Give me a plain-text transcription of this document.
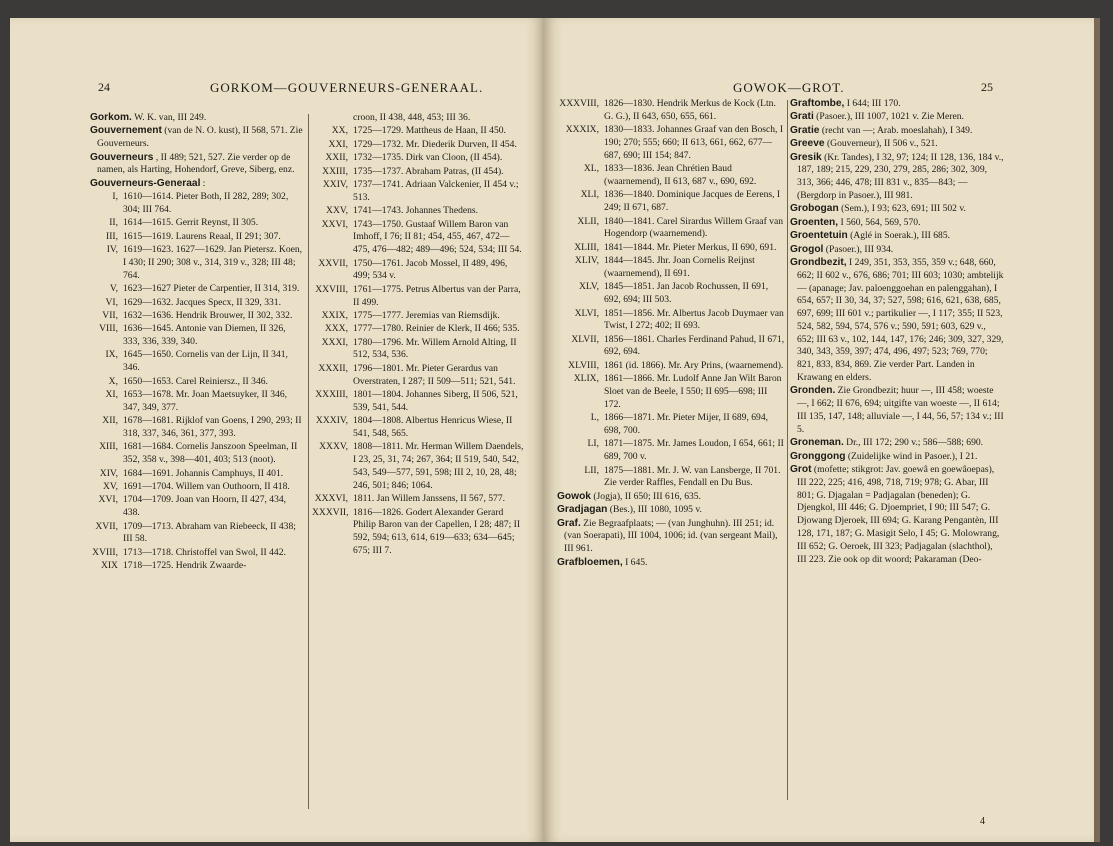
24	GORKOM—GOUVERNEURS-GENERAAL.

Gorkom. W. K. van, III 249.

Gouvernement (van de N. O. kust), II 568, 571. Zie Gouverneurs.

Gouverneurs , II 489; 521, 527. Zie verder op de namen, als Harting, Hohendorf, Greve, Siberg, enz.

Gouverneurs-Generaal :

I, 1610—1614. Pieter Both, II 282, 289; 302, 304; III 764.

II, 1614—1615. Gerrit Reynst, II 305.

III, 1615—1619. Laurens Reaal, II 291; 307.

IV, 1619—1623. 1627—1629. Jan Pietersz. Koen, I 430; II 290; 308 v., 314, 319 v., 328; III 48; 764.

V, 1623—1627 Pieter de Carpentier, II 314, 319.

VI, 1629—1632. Jacques Specx, II 329, 331.

VII, 1632—1636. Hendrik Brouwer, II 302, 332.

VIII, 1636—1645. Antonie van Diemen, II 326, 333, 336, 339, 340.

IX, 1645—1650. Cornelis van der Lijn, II 341, 346.

X, 1650—1653. Carel Reiniersz., II 346.

XI, 1653—1678. Mr. Joan Maetsuyker, II 346, 347, 349, 377.

XII, 1678—1681. Rijklof van Goens, I 290, 293; II 318, 337, 346, 361, 377, 393.

XIII, 1681—1684. Cornelis Janszoon Speelman, II 352, 358 v., 398—401, 403; 513 (noot).

XIV, 1684—1691. Johannis Camphuys, II 401.

XV, 1691—1704. Willem van Outhoorn, II 418.

XVI, 1704—1709. Joan van Hoorn, II 427, 434, 438.

XVII, 1709—1713. Abraham van Riebeeck, II 438; III 58.

XVIII, 1713—1718. Christoffel van Swol, II 442.

XIX 1718—1725. Hendrik Zwaarde-

croon, II 438, 448, 453; III 36.

XX, 1725—1729. Mattheus de Haan, II 450.

XXI, 1729—1732. Mr. Diederik Durven, II 454.

XXII, 1732—1735. Dirk van Cloon, (II 454).

XXIII, 1735—1737. Abraham Patras, (II 454).

XXIV, 1737—1741. Adriaan Valckenier, II 454 v.; 513.

XXV, 1741—1743. Johannes Thedens.

XXVI, 1743—1750. Gustaaf Willem Baron van Imhoff, I 76; II 81; 454, 455, 467, 472—475, 476—482; 489—496; 524, 534; III 54.

XXVII, 1750—1761. Jacob Mossel, II 489, 496, 499; 534 v.

XXVIII, 1761—1775. Petrus Albertus van der Parra, II 499.

XXIX, 1775—1777. Jeremias van Riemsdijk.

XXX, 1777—1780. Reinier de Klerk, II 466; 535.

XXXI, 1780—1796. Mr. Willem Arnold Alting, II 512, 534, 536.

XXXII, 1796—1801. Mr. Pieter Gerardus van Overstraten, I 287; II 509—511; 521, 541.

XXXIII, 1801—1804. Johannes Siberg, II 506, 521, 539, 541, 544.

XXXIV, 1804—1808. Albertus Henricus Wiese, II 541, 548, 565.

XXXV, 1808—1811. Mr. Herman Willem Daendels, I 23, 25, 31, 74; 267, 364; II 519, 540, 542, 543, 549—577, 591, 598; III 2, 10, 28, 48; 246, 501; 846; 1064.

XXXVI, 1811. Jan Willem Janssens, II 567, 577.

XXXVII, 1816—1826. Godert Alexander Gerard Philip Baron van der Capellen, I 28; 487; II 592, 594; 613, 614, 619—633; 634—645; 675; III 7.

GOWOK—GROT.	25

XXXVIII, 1826—1830. Hendrik Merkus de Kock (Ltn. G. G.), II 643, 650, 655, 661.

XXXIX, 1830—1833. Johannes Graaf van den Bosch, I 190; 270; 555; 660; II 613, 661, 662, 677—687, 690; III 154; 847.

XL, 1833—1836. Jean Chrétien Baud (waarnemend), II 613, 687 v., 690, 692.

XLI, 1836—1840. Dominique Jacques de Eerens, I 249; II 671, 687.

XLII, 1840—1841. Carel Sirardus Willem Graaf van Hogendorp (waarnemend).

XLIII, 1841—1844. Mr. Pieter Merkus, II 690, 691.

XLIV, 1844—1845. Jhr. Joan Cornelis Reijnst (waarnemend), II 691.

XLV, 1845—1851. Jan Jacob Rochussen, II 691, 692, 694; III 503.

XLVI, 1851—1856. Mr. Albertus Jacob Duymaer van Twist, I 272; 402; II 693.

XLVII, 1856—1861. Charles Ferdinand Pahud, II 671, 692, 694.

XLVIII, 1861 (id. 1866). Mr. Ary Prins, (waarnemend).

XLIX, 1861—1866. Mr. Ludolf Anne Jan Wilt Baron Sloet van de Beele, I 550; II 695—698; III 172.

L, 1866—1871. Mr. Pieter Mijer, II 689, 694, 698, 700.

LI, 1871—1875. Mr. James Loudon, I 654, 661; II 689, 700 v.

LII, 1875—1881. Mr. J. W. van Lansberge, II 701. Zie verder Raffles, Fendall en Du Bus.

Gowok (Jogja), II 650; III 616, 635.

Gradjagan (Bes.), III 1080, 1095 v.

Graf. Zie Begraafplaats; — (van Junghuhn). III 251; id. (van Soerapati), III 1004, 1006; id. (van sergeant Mail), III 961.

Grafbloemen, I 645.

Graftombe, I 644; III 170.

Grati (Pasoer.), III 1007, 1021 v. Zie Meren.

Gratie (recht van —; Arab. moeslahah), I 349.

Greeve (Gouverneur), II 506 v., 521.

Gresik (Kr. Tandes), I 32, 97; 124; II 128, 136, 184 v., 187, 189; 215, 229, 230, 279, 285, 286; 302, 309, 313, 366; 446, 478; III 831 v., 835—843; — (Bergdorp in Pasoer.), III 981.

Grobogan (Sem.), I 93; 623, 691; III 502 v.

Groenten, I 560, 564, 569, 570.

Groentetuin (Aglé in Soerak.), III 685.

Grogol (Pasoer.), III 934.

Grondbezit, I 249, 351, 353, 355, 359 v.; 648, 660, 662; II 602 v., 676, 686; 701; III 603; 1030; ambtelijk — (apanage; Jav. paloenggoehan en palenggahan), I 654, 657; II 30, 34, 37; 527, 598; 616, 621, 638, 685, 697, 699; III 601 v.; partikulier —, I 117; 355; II 523, 524, 582, 594, 574, 576 v.; 590, 591; 603, 629 v., 652; III 63 v., 102, 144, 147, 176; 246; 309, 327, 329, 340, 343, 359, 397; 474, 496, 497; 523; 769, 770; 821, 833, 834, 869. Zie verder Part. Landen in Krawang en elders.

Gronden. Zie Grondbezit; huur —, III 458; woeste —, I 662; II 676, 694; uitgifte van woeste —, II 614; III 135, 147, 148; alluviale —, I 44, 56, 57; 134 v.; III 5.

Groneman. Dr., III 172; 290 v.; 586—588; 690.

Gronggong (Zuidelijke wind in Pasoer.), I 21.

Grot (mofette; stikgrot: Jav. goewâ en goewâoepas), III 222, 225; 416, 498, 718, 719; 978; G. Abar, III 801; G. Djagalan = Padjagalan (beneden); G. Djengkol, III 446; G. Djoempriet, I 90; III 547; G. Djowang Djeroek, III 694; G. Karang Pengantèn, III 128, 171, 187; G. Masigit Selo, I 45; G. Molowrang, III 652; G. Oeroek, III 323; Padjagalan (slachthol), III 223. Zie ook op dit woord; Pakaraman (Deo-

4
